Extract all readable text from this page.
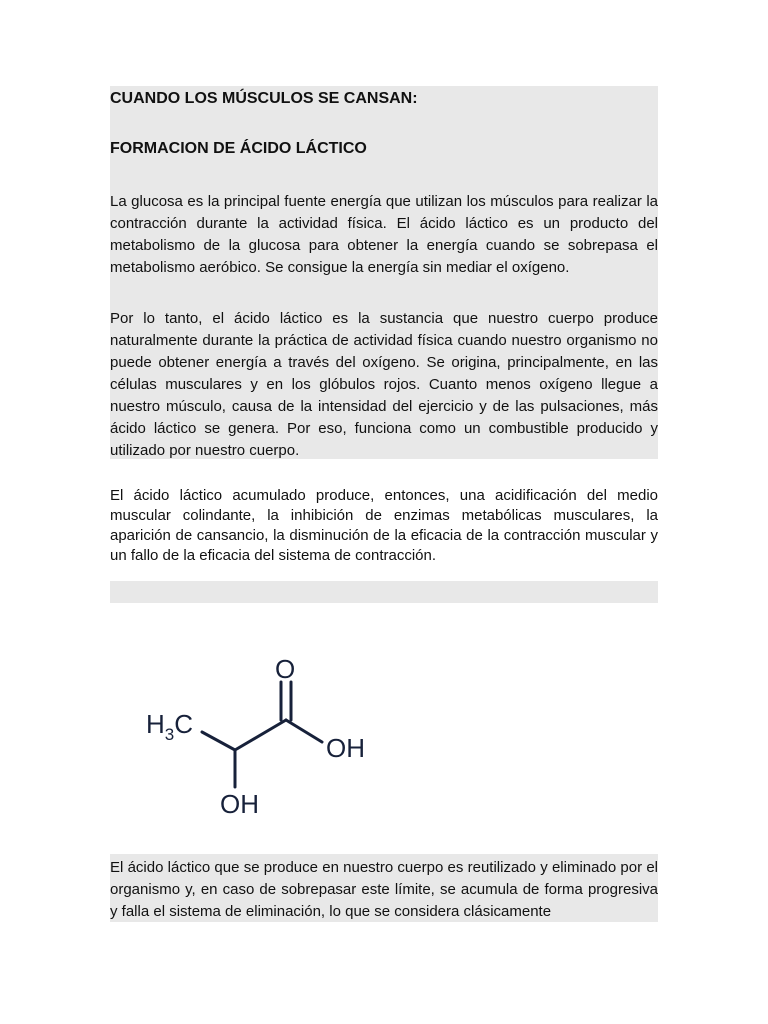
CUANDO LOS MÚSCULOS SE CANSAN:

FORMACION DE ÁCIDO LÁCTICO

La glucosa es la principal fuente energía que utilizan los músculos para realizar la contracción durante la actividad física. El ácido láctico es un producto del metabolismo de la glucosa para obtener la energía cuando se sobrepasa el metabolismo aeróbico. Se consigue la energía sin mediar el oxígeno.

Por lo tanto, el ácido láctico es la sustancia que nuestro cuerpo produce naturalmente durante la práctica de actividad física cuando nuestro organismo no puede obtener energía a través del oxígeno. Se origina, principalmente, en las células musculares y en los glóbulos rojos. Cuanto menos oxígeno llegue a nuestro músculo, causa de la intensidad del ejercicio y de las pulsaciones, más ácido láctico se genera. Por eso, funciona como un combustible producido y utilizado por nuestro cuerpo.

El ácido láctico acumulado produce, entonces, una acidificación del medio muscular colindante, la inhibición de enzimas metabólicas musculares, la aparición de cansancio, la disminución de la eficacia de la contracción muscular y un fallo de la eficacia del sistema de contracción.

$H_3C$
O
OH
OH

El ácido láctico que se produce en nuestro cuerpo es reutilizado y eliminado por el organismo y, en caso de sobrepasar este límite, se acumula de forma progresiva y falla el sistema de eliminación, lo que se considera clásicamente
